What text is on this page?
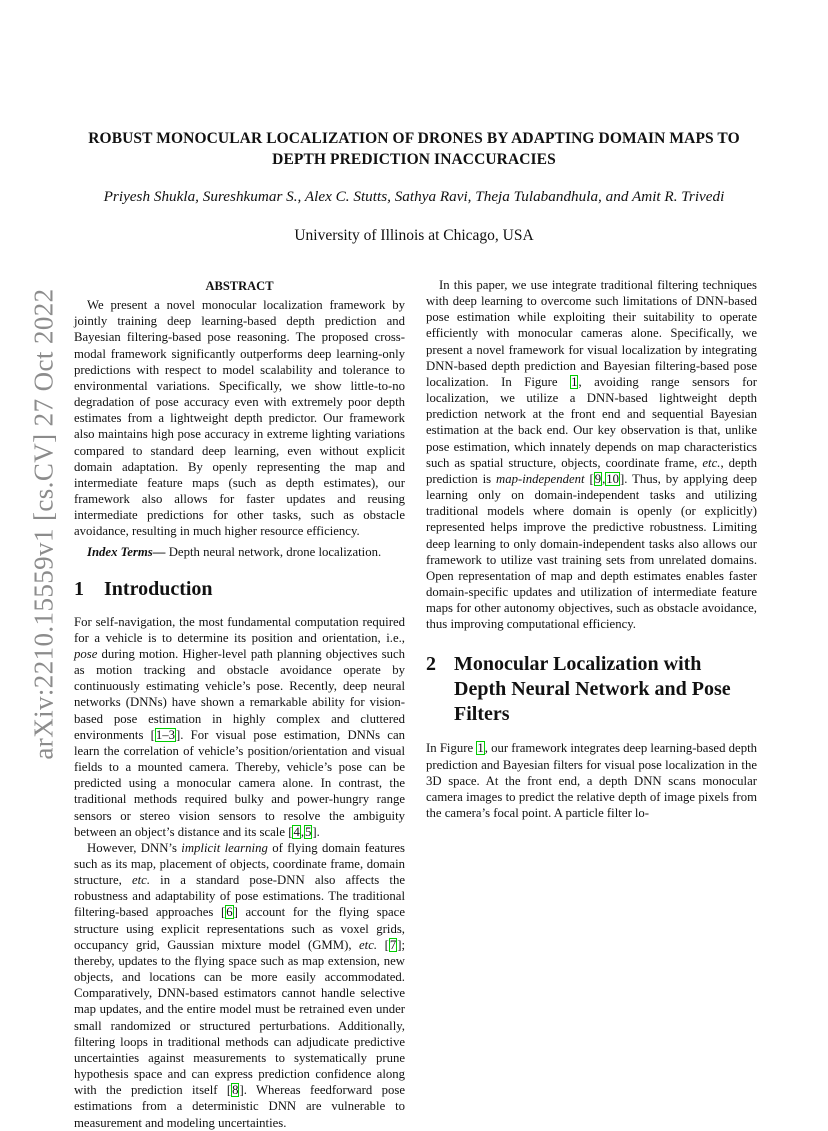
ROBUST MONOCULAR LOCALIZATION OF DRONES BY ADAPTING DOMAIN MAPS TO DEPTH PREDICTION INACCURACIES
Priyesh Shukla, Sureshkumar S., Alex C. Stutts, Sathya Ravi, Theja Tulabandhula, and Amit R. Trivedi
University of Illinois at Chicago, USA
arXiv:2210.15559v1 [cs.CV] 27 Oct 2022
ABSTRACT

We present a novel monocular localization framework by jointly training deep learning-based depth prediction and Bayesian filtering-based pose reasoning. The proposed cross-modal framework significantly outperforms deep learning-only predictions with respect to model scalability and tolerance to environmental variations. Specifically, we show little-to-no degradation of pose accuracy even with extremely poor depth estimates from a lightweight depth predictor. Our framework also maintains high pose accuracy in extreme lighting variations compared to standard deep learning, even without explicit domain adaptation. By openly representing the map and intermediate feature maps (such as depth estimates), our framework also allows for faster updates and reusing intermediate predictions for other tasks, such as obstacle avoidance, resulting in much higher resource efficiency.

Index Terms— Depth neural network, drone localization.

1 Introduction

For self-navigation, the most fundamental computation required for a vehicle is to determine its position and orientation, i.e., pose during motion. Higher-level path planning objectives such as motion tracking and obstacle avoidance operate by continuously estimating vehicle’s pose. Recently, deep neural networks (DNNs) have shown a remarkable ability for vision-based pose estimation in highly complex and cluttered environments [1–3]. For visual pose estimation, DNNs can learn the correlation of vehicle’s position/orientation and visual fields to a mounted camera. Thereby, vehicle’s pose can be predicted using a monocular camera alone. In contrast, the traditional methods required bulky and power-hungry range sensors or stereo vision sensors to resolve the ambiguity between an object’s distance and its scale [4,5].

However, DNN’s implicit learning of flying domain features such as its map, placement of objects, coordinate frame, domain structure, etc. in a standard pose-DNN also affects the robustness and adaptability of pose estimations. The traditional filtering-based approaches [6] account for the flying space structure using explicit representations such as voxel grids, occupancy grid, Gaussian mixture model (GMM), etc. [7]; thereby, updates to the flying space such as map extension, new objects, and locations can be more easily accommodated. Comparatively, DNN-based estimators cannot handle selective map updates, and the entire model must be retrained even under small randomized or structured perturbations. Additionally, filtering loops in traditional methods can adjudicate predictive uncertainties against measurements to systematically prune hypothesis space and can express prediction confidence along with the prediction itself [8]. Whereas feedforward pose estimations from a deterministic DNN are vulnerable to measurement and modeling uncertainties.

In this paper, we use integrate traditional filtering techniques with deep learning to overcome such limitations of DNN-based pose estimation while exploiting their suitability to operate efficiently with monocular cameras alone. Specifically, we present a novel framework for visual localization by integrating DNN-based depth prediction and Bayesian filtering-based pose localization. In Figure 1, avoiding range sensors for localization, we utilize a DNN-based lightweight depth prediction network at the front end and sequential Bayesian estimation at the back end. Our key observation is that, unlike pose estimation, which innately depends on map characteristics such as spatial structure, objects, coordinate frame, etc., depth prediction is map-independent [9,10]. Thus, by applying deep learning only on domain-independent tasks and utilizing traditional models where domain is openly (or explicitly) represented helps improve the predictive robustness. Limiting deep learning to only domain-independent tasks also allows our framework to utilize vast training sets from unrelated domains. Open representation of map and depth estimates enables faster domain-specific updates and utilization of intermediate feature maps for other autonomy objectives, such as obstacle avoidance, thus improving computational efficiency.

2 Monocular Localization with Depth Neural Network and Pose Filters

In Figure 1, our framework integrates deep learning-based depth prediction and Bayesian filters for visual pose localization in the 3D space. At the front end, a depth DNN scans monocular camera images to predict the relative depth of image pixels from the camera’s focal point. A particle filter lo-
